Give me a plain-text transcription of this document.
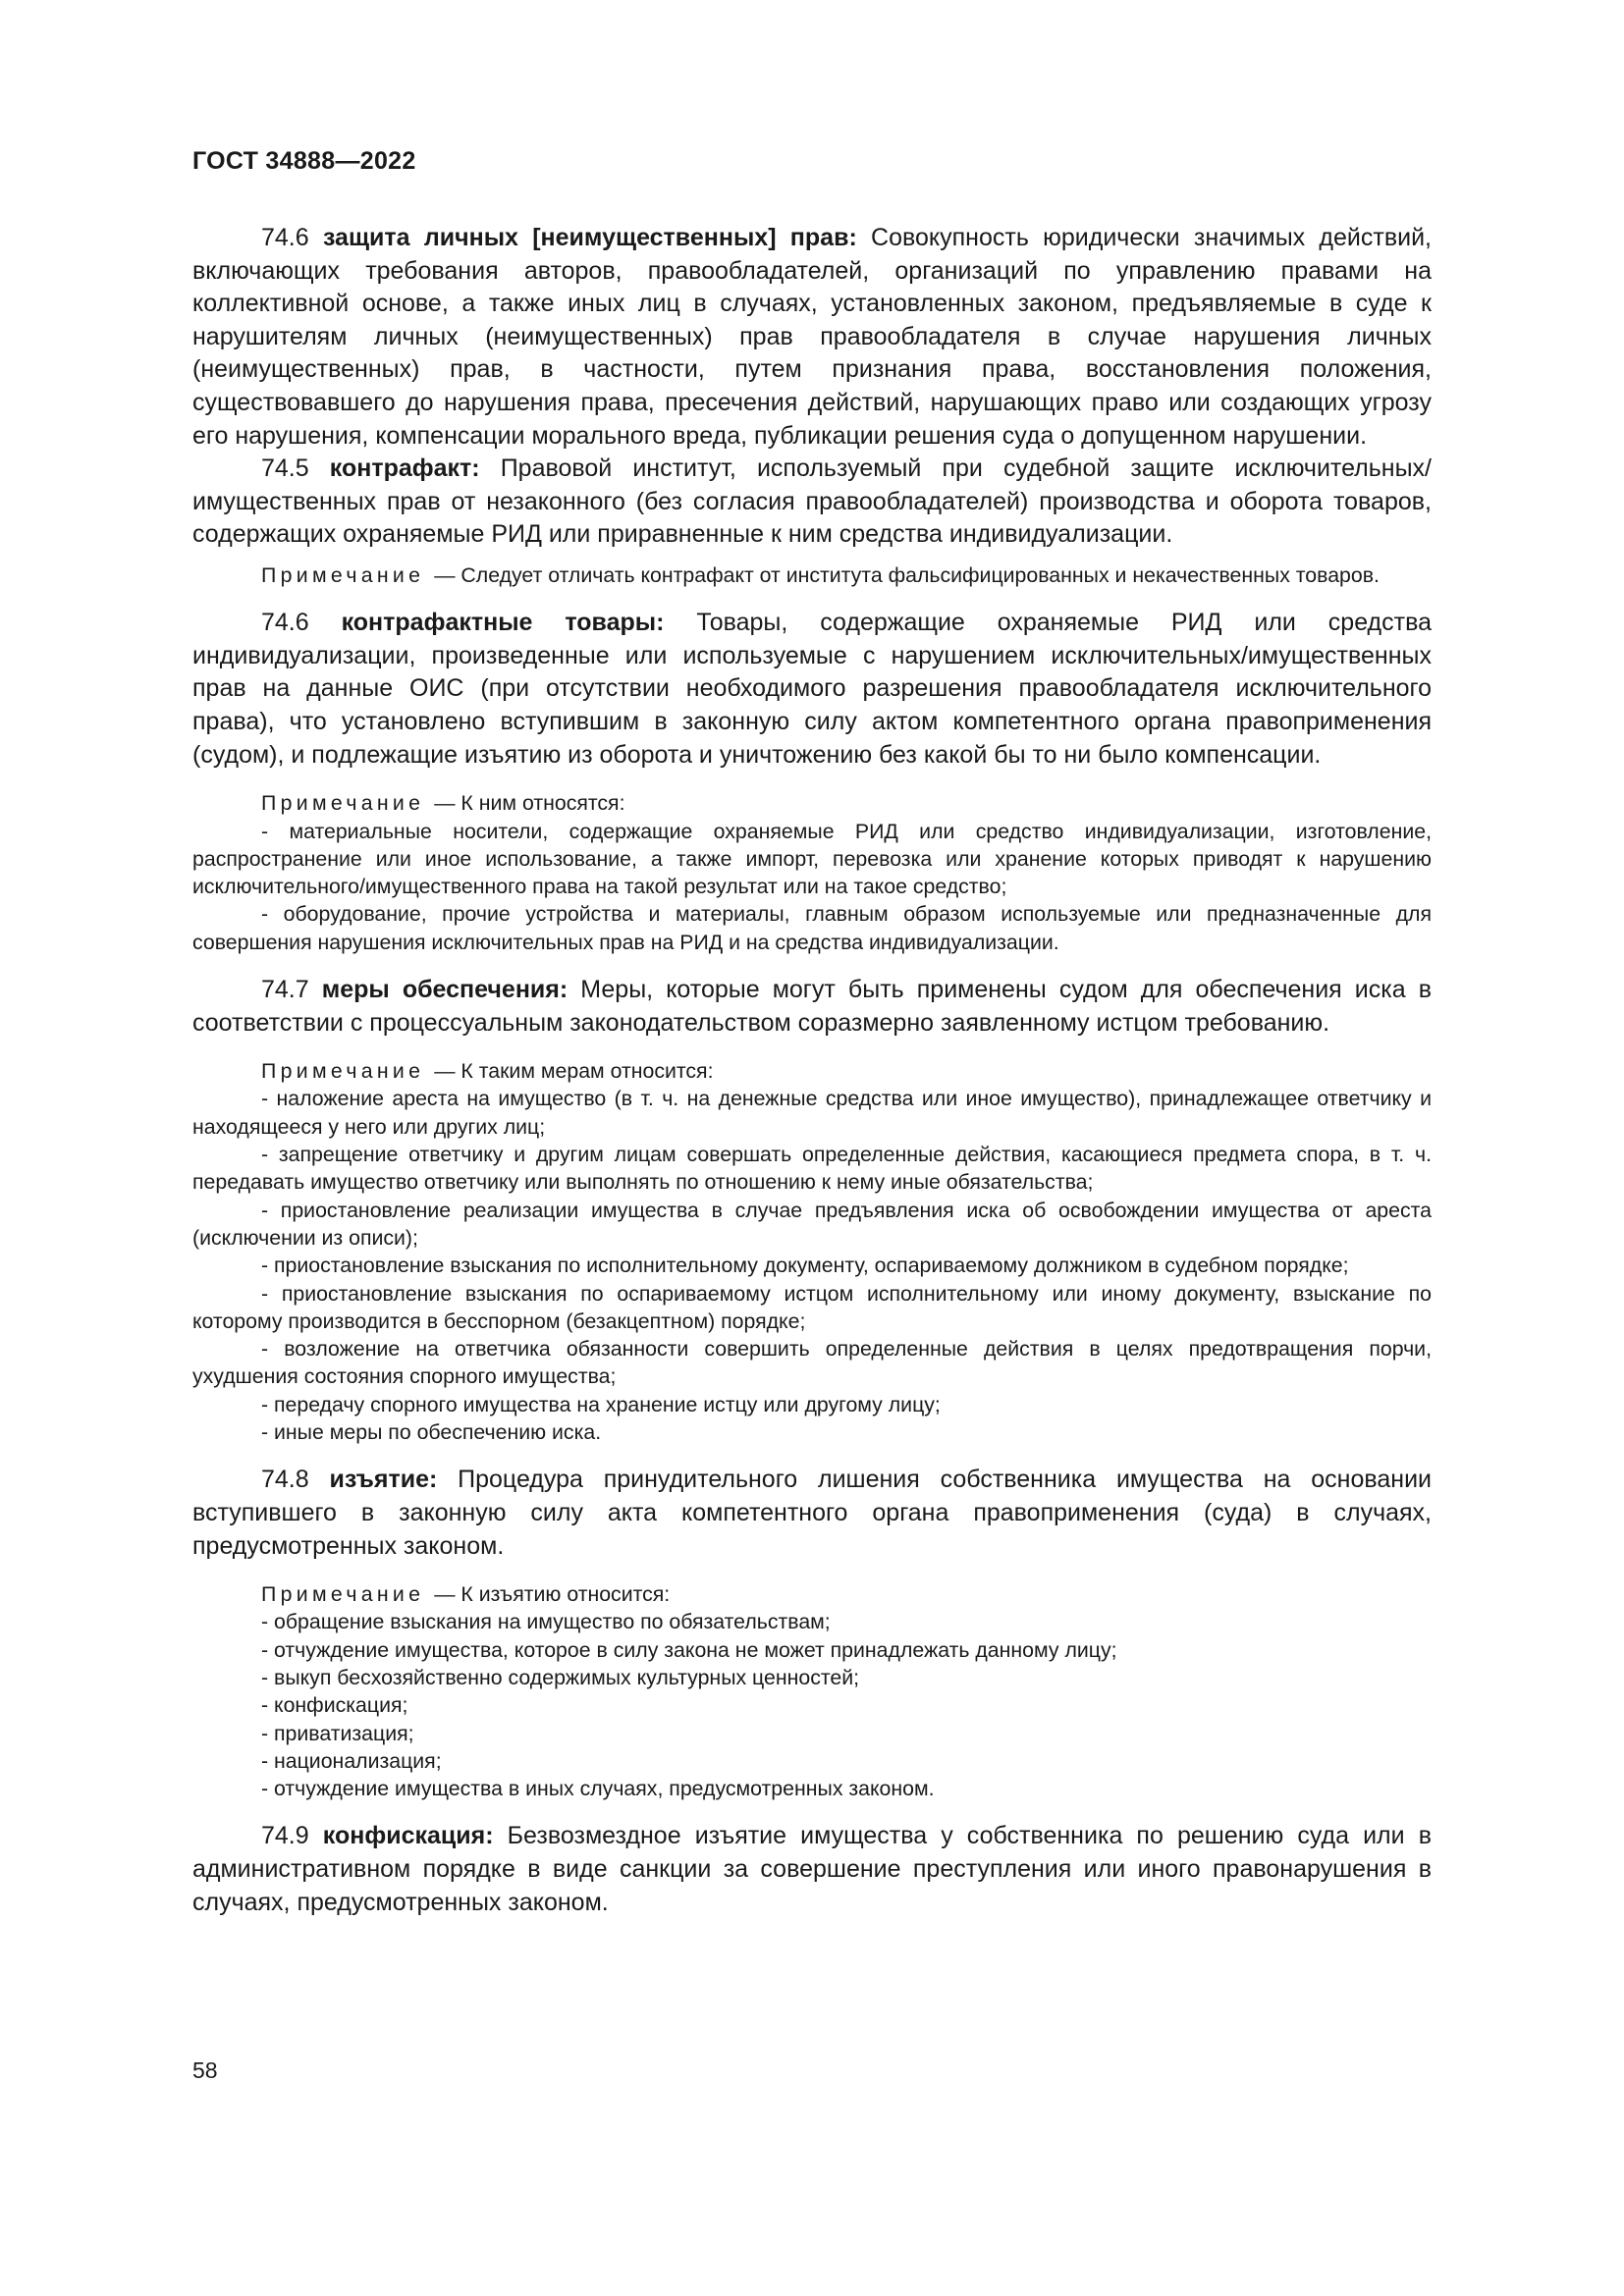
ГОСТ 34888—2022

74.6 защита личных [неимущественных] прав: Совокупность юридически значимых действий, включающих требования авторов, правообладателей, организаций по управлению правами на коллективной основе, а также иных лиц в случаях, установленных законом, предъявляемые в суде к нарушителям личных (неимущественных) прав правообладателя в случае нарушения личных (неимущественных) прав, в частности, путем признания права, восстановления положения, существовавшего до нарушения права, пресечения действий, нарушающих право или создающих угрозу его нарушения, компенсации морального вреда, публикации решения суда о допущенном нарушении.

74.5 контрафакт: Правовой институт, используемый при судебной защите исключительных/имущественных прав от незаконного (без согласия правообладателей) производства и оборота товаров, содержащих охраняемые РИД или приравненные к ним средства индивидуализации.

Примечание — Следует отличать контрафакт от института фальсифицированных и некачественных товаров.

74.6 контрафактные товары: Товары, содержащие охраняемые РИД или средства индивидуализации, произведенные или используемые с нарушением исключительных/имущественных прав на данные ОИС (при отсутствии необходимого разрешения правообладателя исключительного права), что установлено вступившим в законную силу актом компетентного органа правоприменения (судом), и подлежащие изъятию из оборота и уничтожению без какой бы то ни было компенсации.

Примечание — К ним относятся:

- материальные носители, содержащие охраняемые РИД или средство индивидуализации, изготовление, распространение или иное использование, а также импорт, перевозка или хранение которых приводят к нарушению исключительного/имущественного права на такой результат или на такое средство;

- оборудование, прочие устройства и материалы, главным образом используемые или предназначенные для совершения нарушения исключительных прав на РИД и на средства индивидуализации.

74.7 меры обеспечения: Меры, которые могут быть применены судом для обеспечения иска в соответствии с процессуальным законодательством соразмерно заявленному истцом требованию.

Примечание — К таким мерам относится:

- наложение ареста на имущество (в т. ч. на денежные средства или иное имущество), принадлежащее ответчику и находящееся у него или других лиц;

- запрещение ответчику и другим лицам совершать определенные действия, касающиеся предмета спора, в т. ч. передавать имущество ответчику или выполнять по отношению к нему иные обязательства;

- приостановление реализации имущества в случае предъявления иска об освобождении имущества от ареста (исключении из описи);

- приостановление взыскания по исполнительному документу, оспариваемому должником в судебном порядке;

- приостановление взыскания по оспариваемому истцом исполнительному или иному документу, взыскание по которому производится в бесспорном (безакцептном) порядке;

- возложение на ответчика обязанности совершить определенные действия в целях предотвращения порчи, ухудшения состояния спорного имущества;

- передачу спорного имущества на хранение истцу или другому лицу;

- иные меры по обеспечению иска.

74.8 изъятие: Процедура принудительного лишения собственника имущества на основании вступившего в законную силу акта компетентного органа правоприменения (суда) в случаях, предусмотренных законом.

Примечание — К изъятию относится:

- обращение взыскания на имущество по обязательствам;

- отчуждение имущества, которое в силу закона не может принадлежать данному лицу;

- выкуп бесхозяйственно содержимых культурных ценностей;

- конфискация;

- приватизация;

- национализация;

- отчуждение имущества в иных случаях, предусмотренных законом.

74.9 конфискация: Безвозмездное изъятие имущества у собственника по решению суда или в административном порядке в виде санкции за совершение преступления или иного правонарушения в случаях, предусмотренных законом.

58
